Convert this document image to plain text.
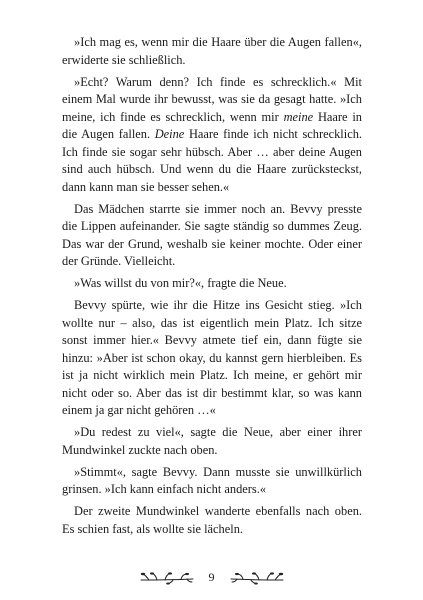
»Ich mag es, wenn mir die Haare über die Augen fallen«, erwiderte sie schließlich.

»Echt? Warum denn? Ich finde es schrecklich.« Mit einem Mal wurde ihr bewusst, was sie da gesagt hatte. »Ich meine, ich finde es schrecklich, wenn mir meine Haare in die Augen fallen. Deine Haare finde ich nicht schrecklich. Ich finde sie sogar sehr hübsch. Aber … aber deine Augen sind auch hübsch. Und wenn du die Haare zurücksteckst, dann kann man sie besser sehen.«

Das Mädchen starrte sie immer noch an. Bevvy presste die Lippen aufeinander. Sie sagte ständig so dummes Zeug. Das war der Grund, weshalb sie keiner mochte. Oder einer der Gründe. Vielleicht.

»Was willst du von mir?«, fragte die Neue.

Bevvy spürte, wie ihr die Hitze ins Gesicht stieg. »Ich wollte nur – also, das ist eigentlich mein Platz. Ich sitze sonst immer hier.« Bevvy atmete tief ein, dann fügte sie hinzu: »Aber ist schon okay, du kannst gern hierbleiben. Es ist ja nicht wirklich mein Platz. Ich meine, er gehört mir nicht oder so. Aber das ist dir bestimmt klar, so was kann einem ja gar nicht gehören …«

»Du redest zu viel«, sagte die Neue, aber einer ihrer Mundwinkel zuckte nach oben.

»Stimmt«, sagte Bevvy. Dann musste sie unwillkürlich grinsen. »Ich kann einfach nicht anders.«

Der zweite Mundwinkel wanderte ebenfalls nach oben. Es schien fast, als wollte sie lächeln.

9
